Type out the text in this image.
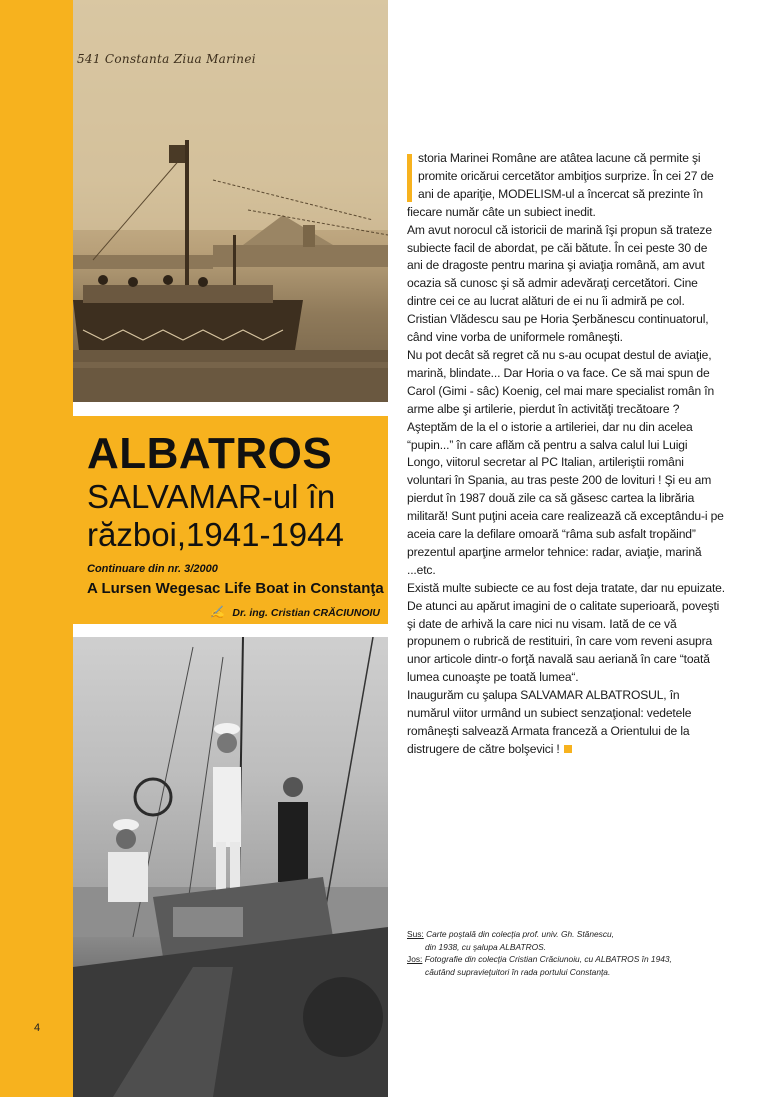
4
541 Constanta Ziua Marinei
ALBATROS
SALVAMAR-ul în
război,1941-1944
Continuare din nr. 3/2000
A Lursen Wegesac Life Boat in Constanţa
✍ Dr. ing. Cristian CRĂCIUNOIU

storia Marinei Române are atâtea lacune că permite şi promite oricărui cercetător ambiţios surprize. În cei 27 de ani de apariţie, MODELISM-ul a încercat să prezinte în fiecare număr câte un subiect inedit.

Am avut norocul că istoricii de marină îşi propun să trateze subiecte facil de abordat, pe căi bătute. În cei peste 30 de ani de dragoste pentru marina şi aviaţia română, am avut ocazia să cunosc şi să admir adevăraţi cercetători. Cine dintre cei ce au lucrat alături de ei nu îi admiră pe col. Cristian Vlădescu sau pe Horia Şerbănescu continuatorul, când vine vorba de uniformele româneşti.

Nu pot decât să regret că nu s-au ocupat destul de aviaţie, marină, blindate... Dar Horia o va face. Ce să mai spun de Carol (Gimi - sâc) Koenig, cel mai mare specialist român în arme albe şi artilerie, pierdut în activităţi trecătoare ? Aşteptăm de la el o istorie a artileriei, dar nu din acelea “pupin...” în care aflăm că pentru a salva calul lui Luigi Longo, viitorul secretar al PC Italian, artileriştii români voluntari în Spania, au tras peste 200 de lovituri ! Şi eu am pierdut în 1987 două zile ca să găsesc cartea la librăria militară! Sunt puţini aceia care realizează că exceptându-i pe aceia care la defilare omoară “râma sub asfalt tropăind” prezentul aparţine armelor tehnice: radar, aviaţie, marină ...etc.

Există multe subiecte ce au fost deja tratate, dar nu epuizate. De atunci au apărut imagini de o calitate superioară, poveşti şi date de arhivă la care nici nu visam. Iată de ce vă propunem o rubrică de restituiri, în care vom reveni asupra unor articole dintr-o forţă navală sau aeriană în care “toată lumea cunoaşte pe toată lumea“.

Inaugurăm cu şalupa SALVAMAR ALBATROSUL, în numărul viitor urmând un subiect senzaţional: vedetele româneşti salvează Armata franceză a Orientului de la distrugere de către bolşevici !

Sus: Carte poştală din colecţia prof. univ. Gh. Stănescu,
din 1938, cu şalupa ALBATROS.
Jos: Fotografie din colecţia Cristian Crăciunoiu, cu ALBATROS în 1943,
căutând supravieţuitori în rada portului Constanţa.
